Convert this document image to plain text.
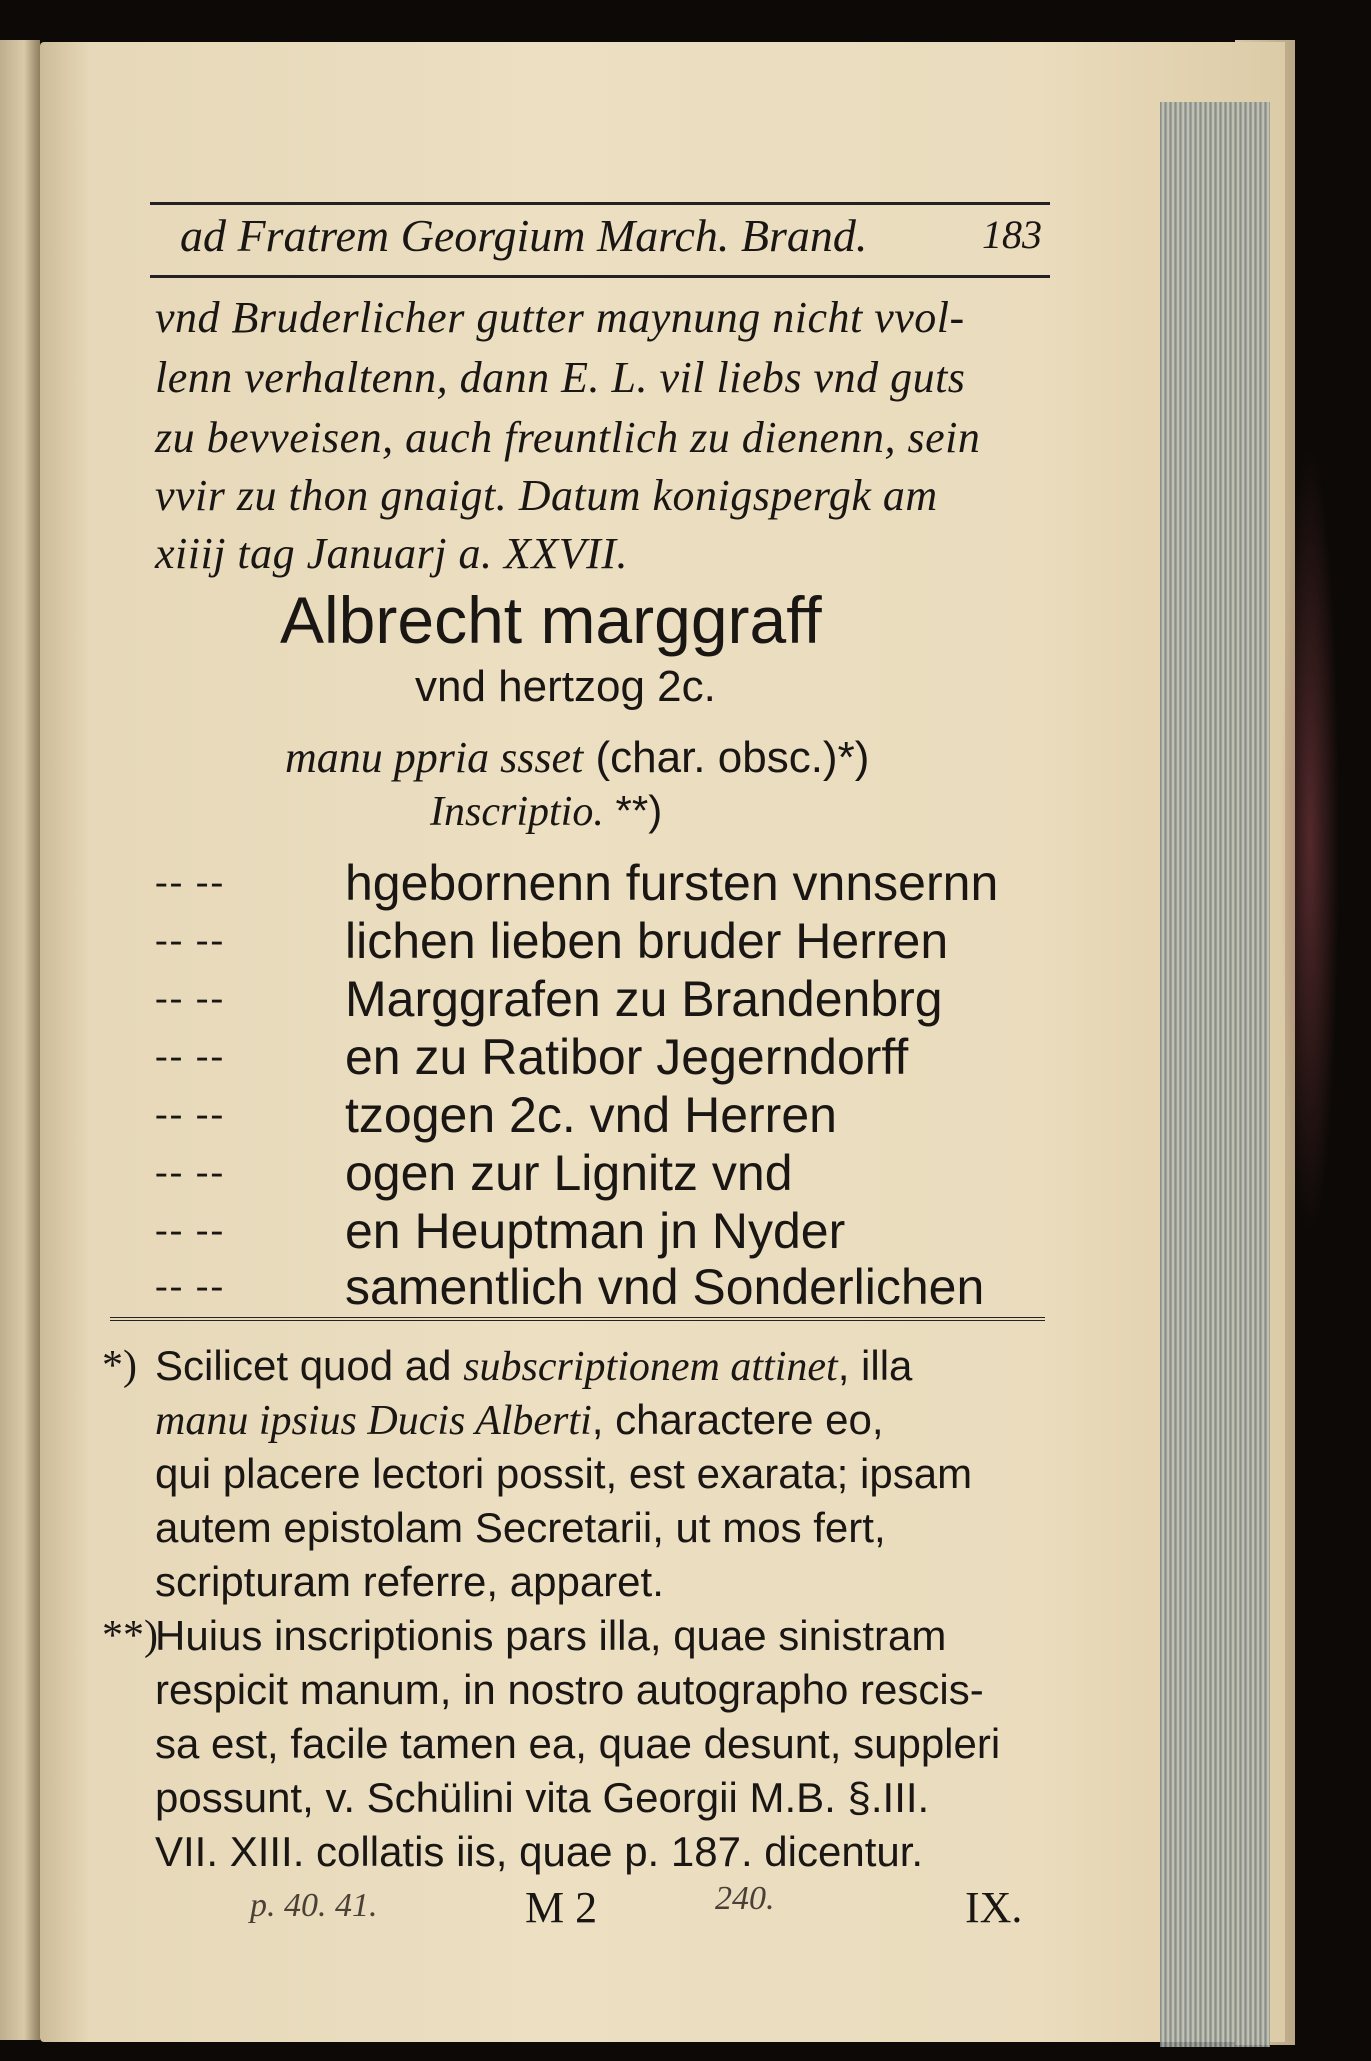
ad Fratrem Georgium March. Brand.	183
vnd Bruderlicher gutter maynung nicht vvol-
lenn verhaltenn, dann E. L. vil liebs vnd guts
zu bevveisen, auch freuntlich zu dienenn, sein
vvir zu thon gnaigt. Datum konigspergk am
xiiij tag Januarj a. XXVII.
Albrecht marggraff
vnd hertzog 2c.
manu ppria ssset (char. obsc.)*)
Inscriptio. **)
-- -- hgebornenn fursten vnnsernn
-- -- lichen lieben bruder Herren
-- -- Marggrafen zu Brandenbrg
-- -- en zu Ratibor Jegerndorff
-- -- tzogen 2c. vnd Herren
-- -- ogen zur Lignitz vnd
-- -- en Heuptman jn Nyder
-- -- samentlich vnd Sonderlichen
*) Scilicet quod ad subscriptionem attinet, illa
manu ipsius Ducis Alberti, charactere eo,
qui placere lectori possit, est exarata; ipsam
autem epistolam Secretarii, ut mos fert,
scripturam referre, apparet.
**)
Huius inscriptionis pars illa, quae sinistram
respicit manum, in nostro autographo rescis-
sa est, facile tamen ea, quae desunt, suppleri
possunt, v. Schülini vita Georgii M.B. §.III.
VII. XIII. collatis iis, quae p. 187. dicentur.
p. 40. 41.	M 2	240.	IX.
